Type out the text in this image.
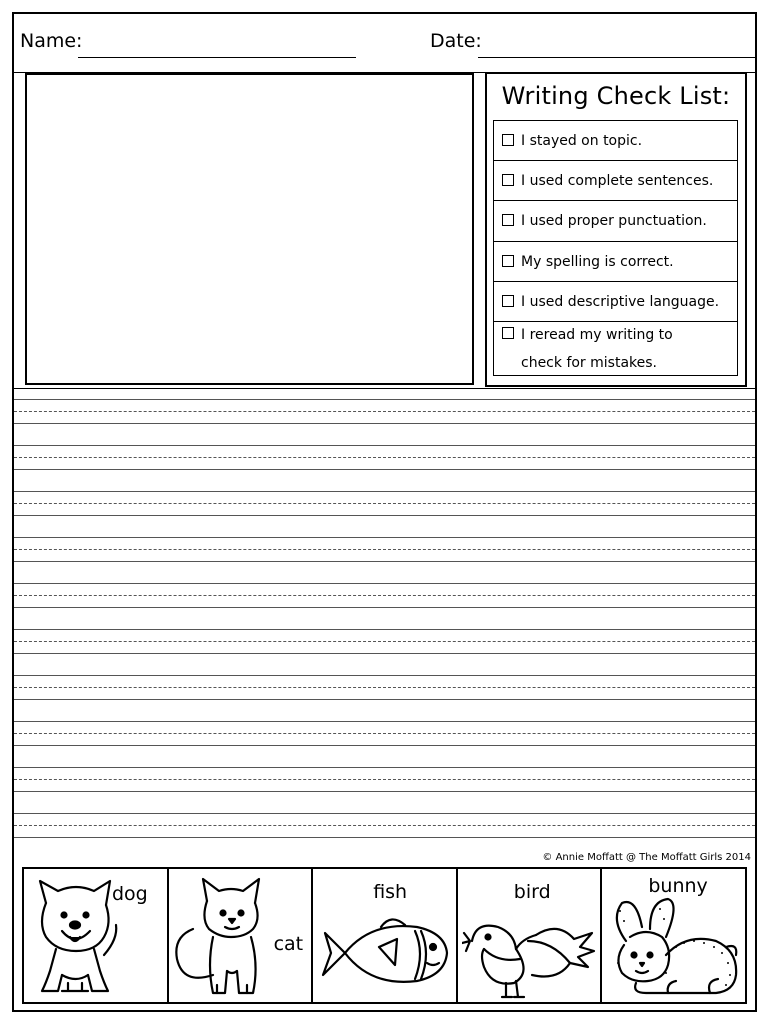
Name:	Date:
Writing Check List:
I stayed on topic.
I used complete sentences.
I used proper punctuation.
My spelling is correct.
I used descriptive language.
I reread my writing to
check for mistakes.
© Annie Moffatt @ The Moffatt Girls 2014
dog
cat
fish	bird	bunny
